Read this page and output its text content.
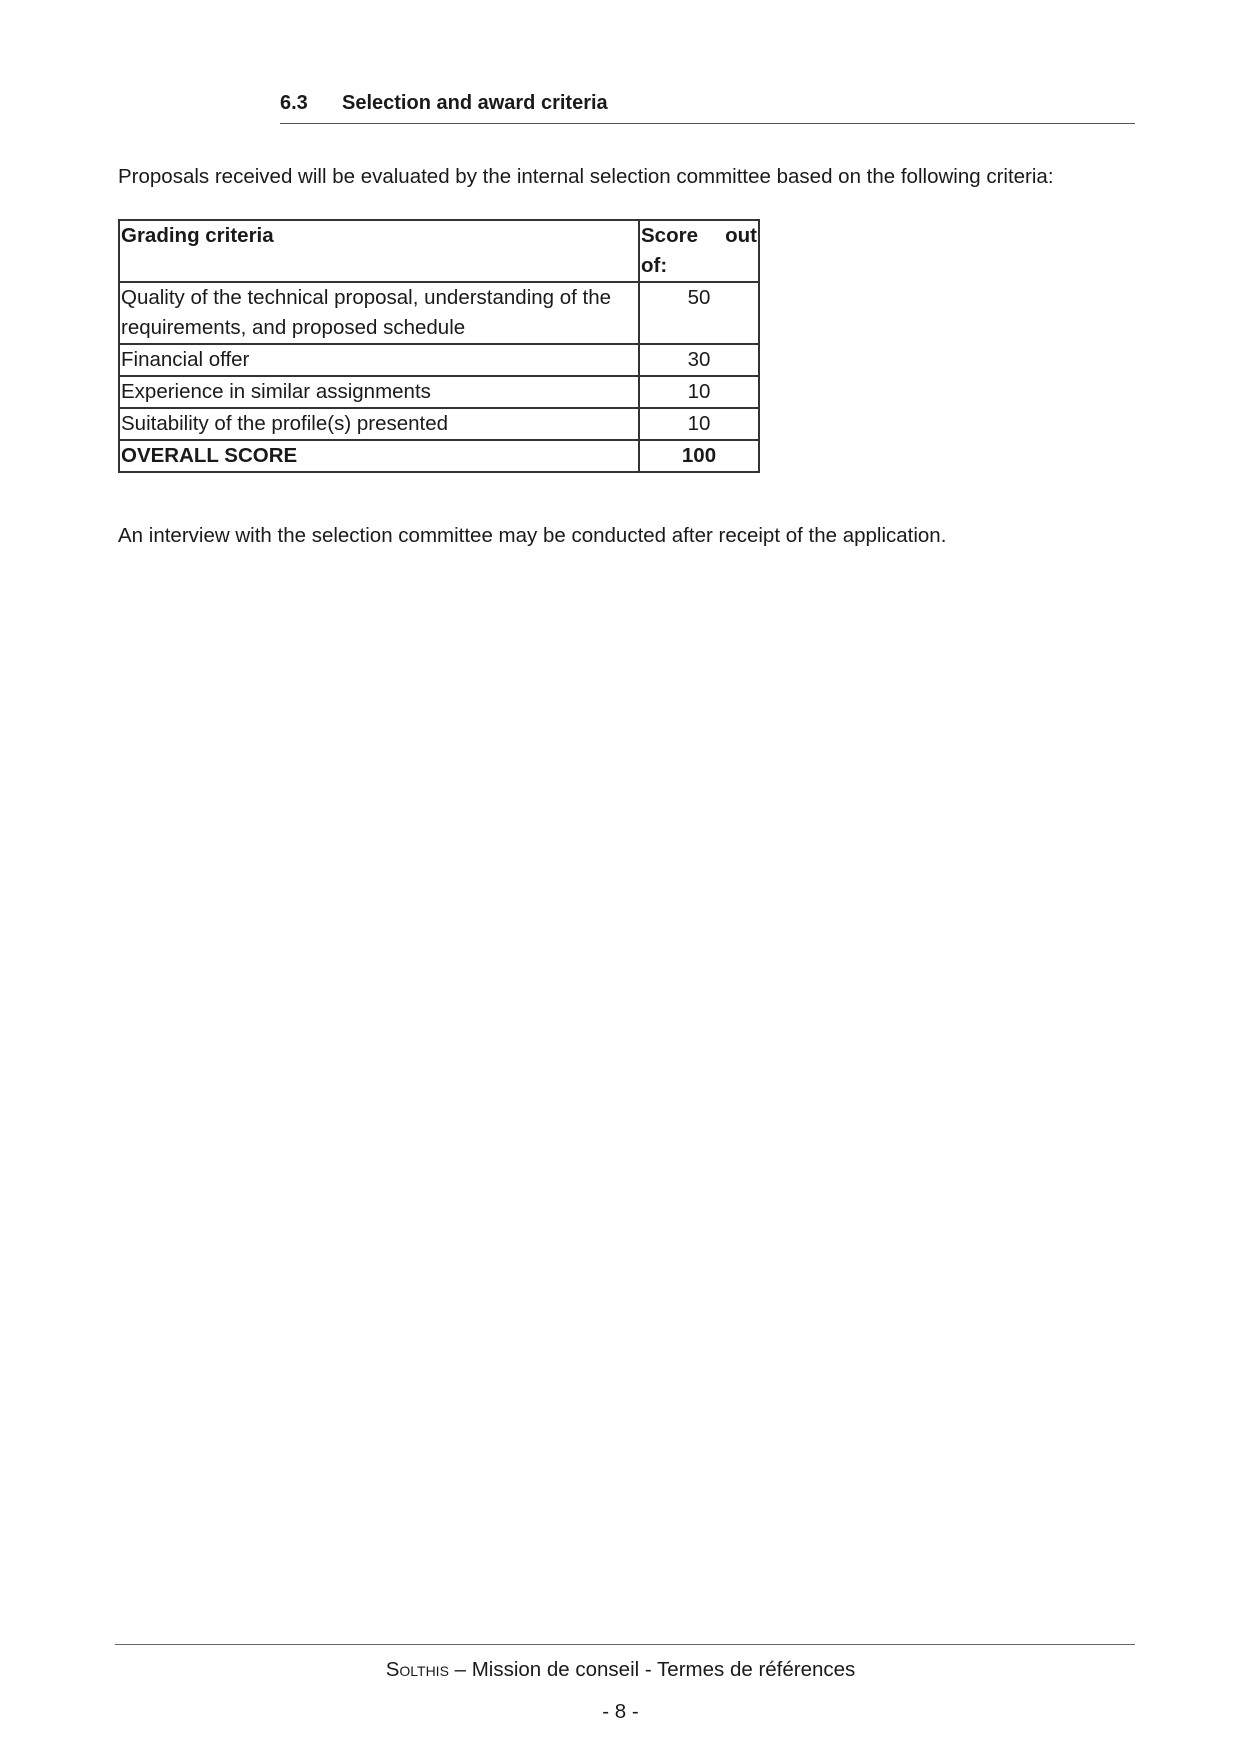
6.3 Selection and award criteria
Proposals received will be evaluated by the internal selection committee based on the following criteria:
Grading criteria	Score out
of:
Quality of the technical proposal, understanding of the requirements, and proposed schedule	50
Financial offer	30
Experience in similar assignments	10
Suitability of the profile(s) presented	10
OVERALL SCORE	100
An interview with the selection committee may be conducted after receipt of the application.
Solthis – Mission de conseil - Termes de références
- 8 -
